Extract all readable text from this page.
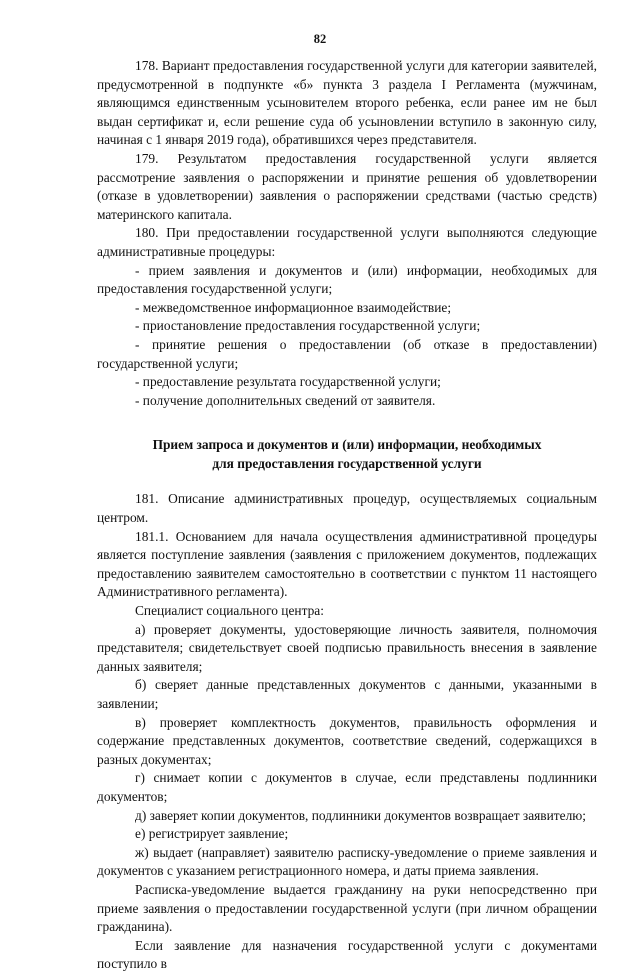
82

178. Вариант предоставления государственной услуги для категории заявителей, предусмотренной в подпункте «б» пункта 3 раздела I Регламента (мужчинам, являющимся единственным усыновителем второго ребенка, если ранее им не был выдан сертификат и, если решение суда об усыновлении вступило в законную силу, начиная с 1 января 2019 года), обратившихся через представителя.

179. Результатом предоставления государственной услуги является рассмотрение заявления о распоряжении и принятие решения об удовлетворении (отказе в удовлетворении) заявления о распоряжении средствами (частью средств) материнского капитала.

180. При предоставлении государственной услуги выполняются следующие административные процедуры:

- прием заявления и документов и (или) информации, необходимых для предоставления государственной услуги;

- межведомственное информационное взаимодействие;

- приостановление предоставления государственной услуги;

- принятие решения о предоставлении (об отказе в предоставлении) государственной услуги;

- предоставление результата государственной услуги;

- получение дополнительных сведений от заявителя.

Прием запроса и документов и (или) информации, необходимых
для предоставления государственной услуги

181. Описание административных процедур, осуществляемых социальным центром.

181.1. Основанием для начала осуществления административной процедуры является поступление заявления (заявления с приложением документов, подлежащих предоставлению заявителем самостоятельно в соответствии с пунктом 11 настоящего Административного регламента).

Специалист социального центра:

а) проверяет документы, удостоверяющие личность заявителя, полномочия представителя; свидетельствует своей подписью правильность внесения в заявление данных заявителя;

б) сверяет данные представленных документов с данными, указанными в заявлении;

в) проверяет комплектность документов, правильность оформления и содержание представленных документов, соответствие сведений, содержащихся в разных документах;

г) снимает копии с документов в случае, если представлены подлинники документов;

д) заверяет копии документов, подлинники документов возвращает заявителю;

е) регистрирует заявление;

ж) выдает (направляет) заявителю расписку-уведомление о приеме заявления и документов с указанием регистрационного номера, и даты приема заявления.

Расписка-уведомление выдается гражданину на руки непосредственно при приеме заявления о предоставлении государственной услуги (при личном обращении гражданина).

Если заявление для назначения государственной услуги с документами поступило в
